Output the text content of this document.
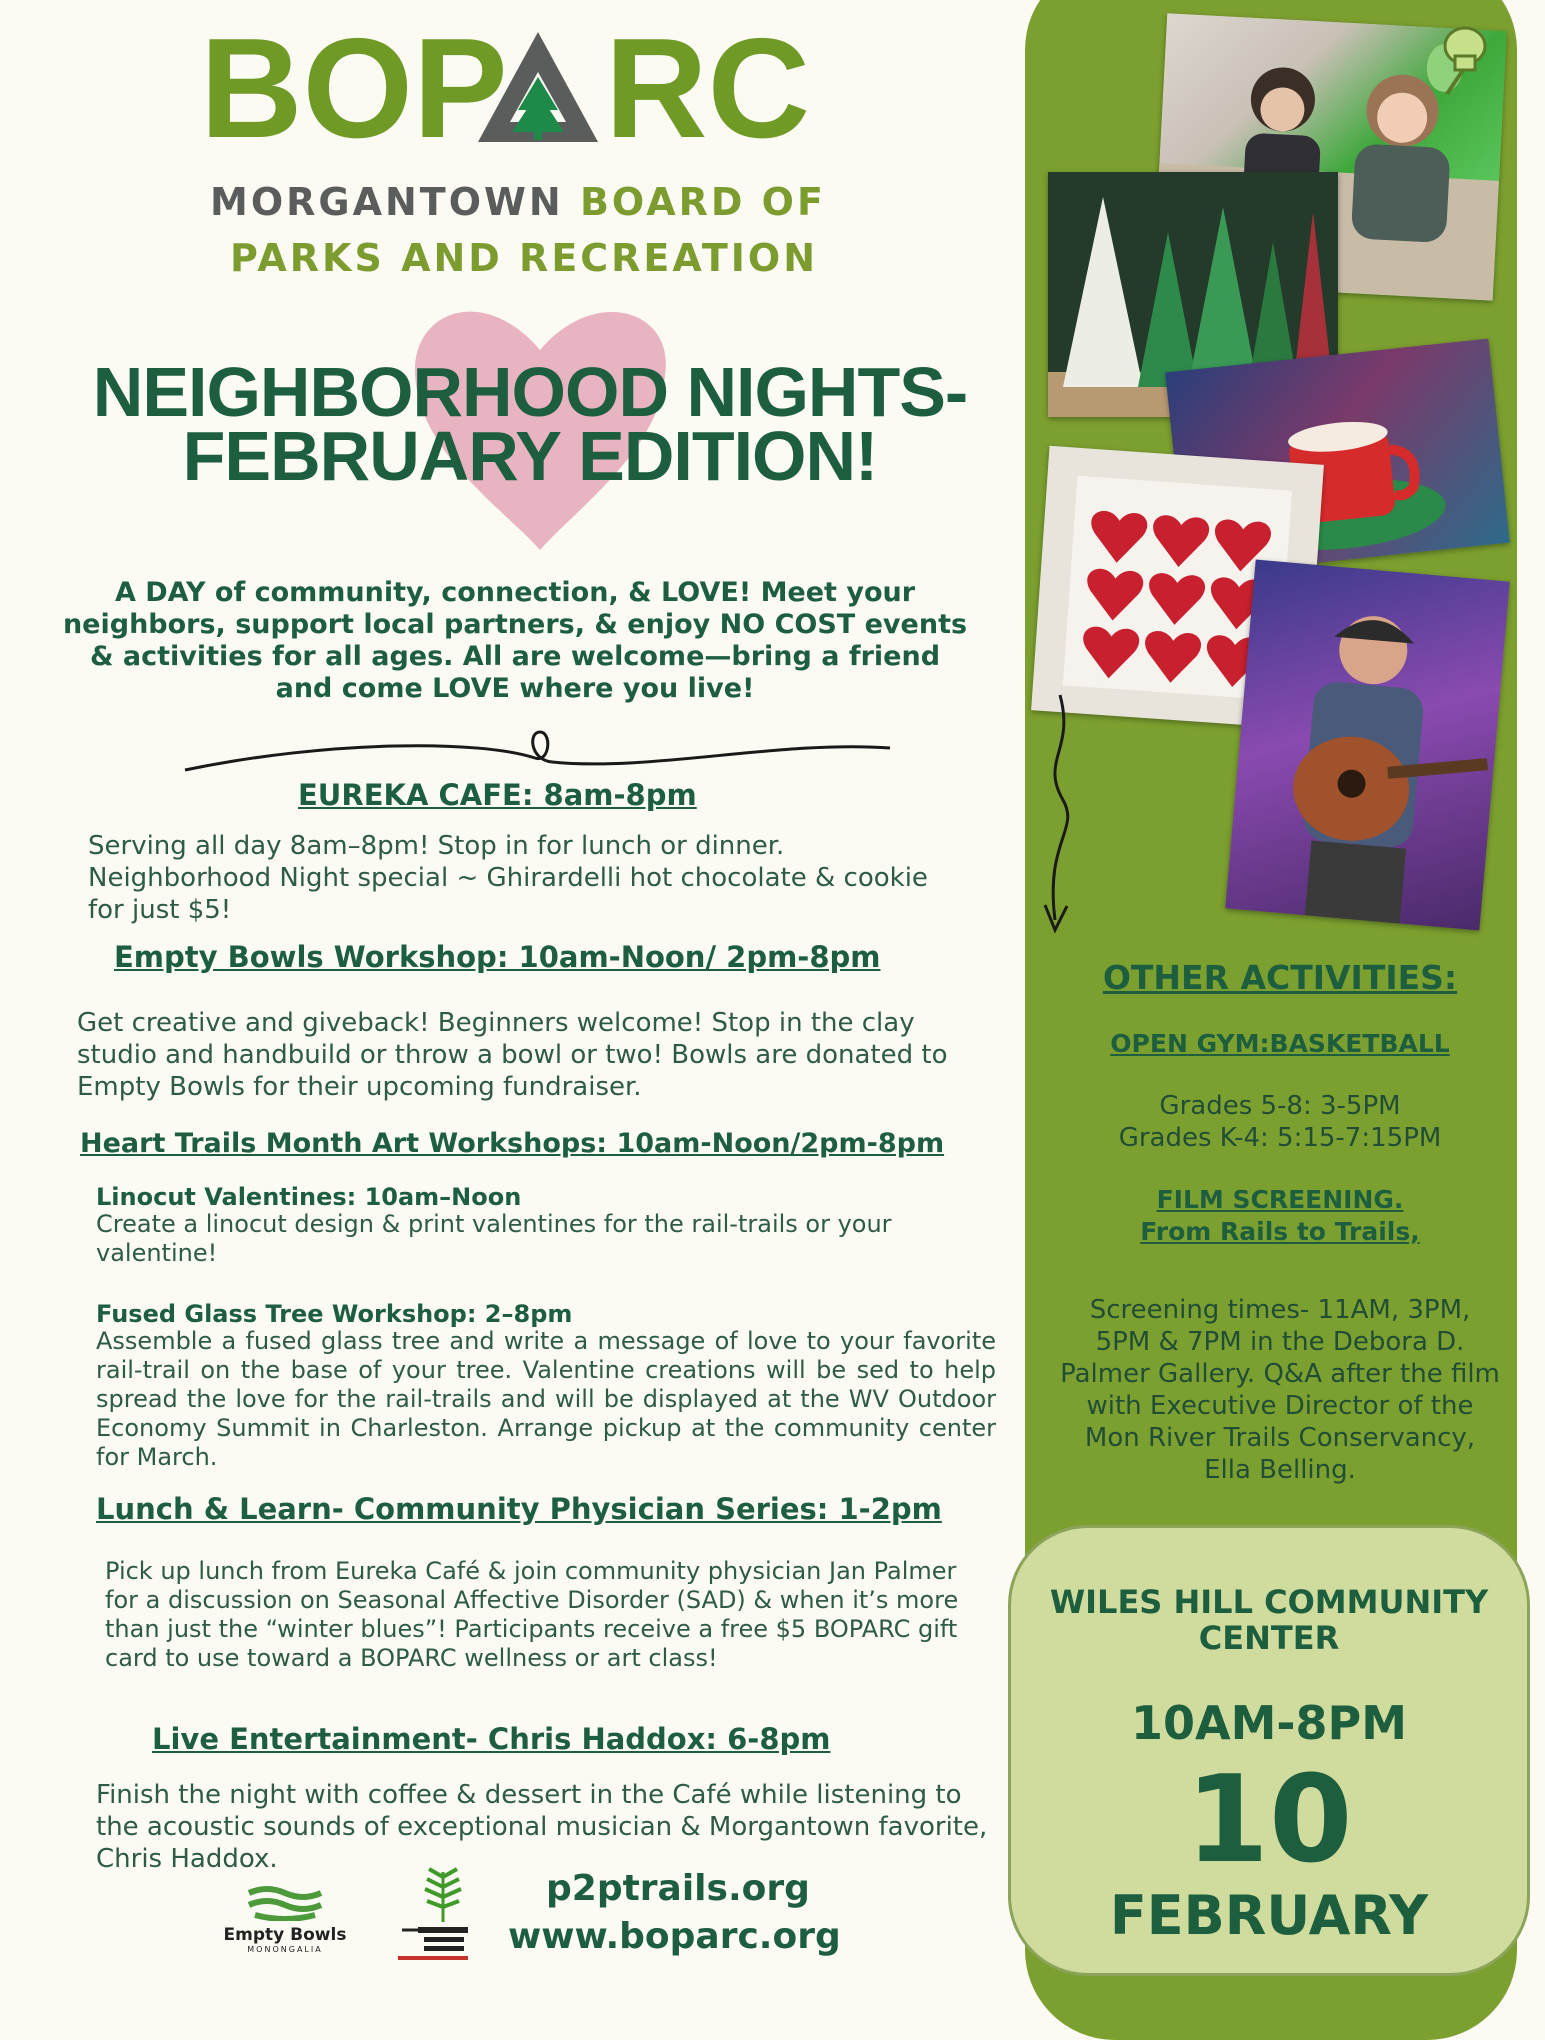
BOP RC
MORGANTOWN BOARD OF
PARKS AND RECREATION
NEIGHBORHOOD NIGHTS-
FEBRUARY EDITION!
A DAY of community, connection, & LOVE! Meet your neighbors, support local partners, & enjoy NO COST events & activities for all ages. All are welcome—bring a friend and come LOVE where you live!
EUREKA CAFE: 8am-8pm
Serving all day 8am–8pm! Stop in for lunch or dinner. Neighborhood Night special ~ Ghirardelli hot chocolate & cookie for just $5!
Empty Bowls Workshop: 10am-Noon/ 2pm-8pm
Get creative and giveback! Beginners welcome! Stop in the clay studio and handbuild or throw a bowl or two! Bowls are donated to Empty Bowls for their upcoming fundraiser.
Heart Trails Month Art Workshops: 10am-Noon/2pm-8pm
Linocut Valentines: 10am–Noon
Create a linocut design & print valentines for the rail-trails or your valentine!
Fused Glass Tree Workshop: 2–8pm
Assemble a fused glass tree and write a message of love to your favorite rail-trail on the base of your tree. Valentine creations will be sed to help spread the love for the rail-trails and will be displayed at the WV Outdoor Economy Summit in Charleston. Arrange pickup at the community center for March.
Lunch & Learn- Community Physician Series: 1-2pm
Pick up lunch from Eureka Café & join community physician Jan Palmer for a discussion on Seasonal Affective Disorder (SAD) & when it’s more than just the “winter blues”! Participants receive a free $5 BOPARC gift card to use toward a BOPARC wellness or art class!
Live Entertainment- Chris Haddox: 6-8pm
Finish the night with coffee & dessert in the Café while listening to the acoustic sounds of exceptional musician & Morgantown favorite, Chris Haddox.
Empty Bowls
MONONGALIA
p2ptrails.org
www.boparc.org
OTHER ACTIVITIES:
OPEN GYM:BASKETBALL
Grades 5-8: 3-5PM
Grades K-4: 5:15-7:15PM
FILM SCREENING.
From Rails to Trails,
Screening times- 11AM, 3PM, 5PM & 7PM in the Debora D. Palmer Gallery. Q&A after the film with Executive Director of the Mon River Trails Conservancy, Ella Belling.
WILES HILL COMMUNITY CENTER
10AM-8PM
10
FEBRUARY
